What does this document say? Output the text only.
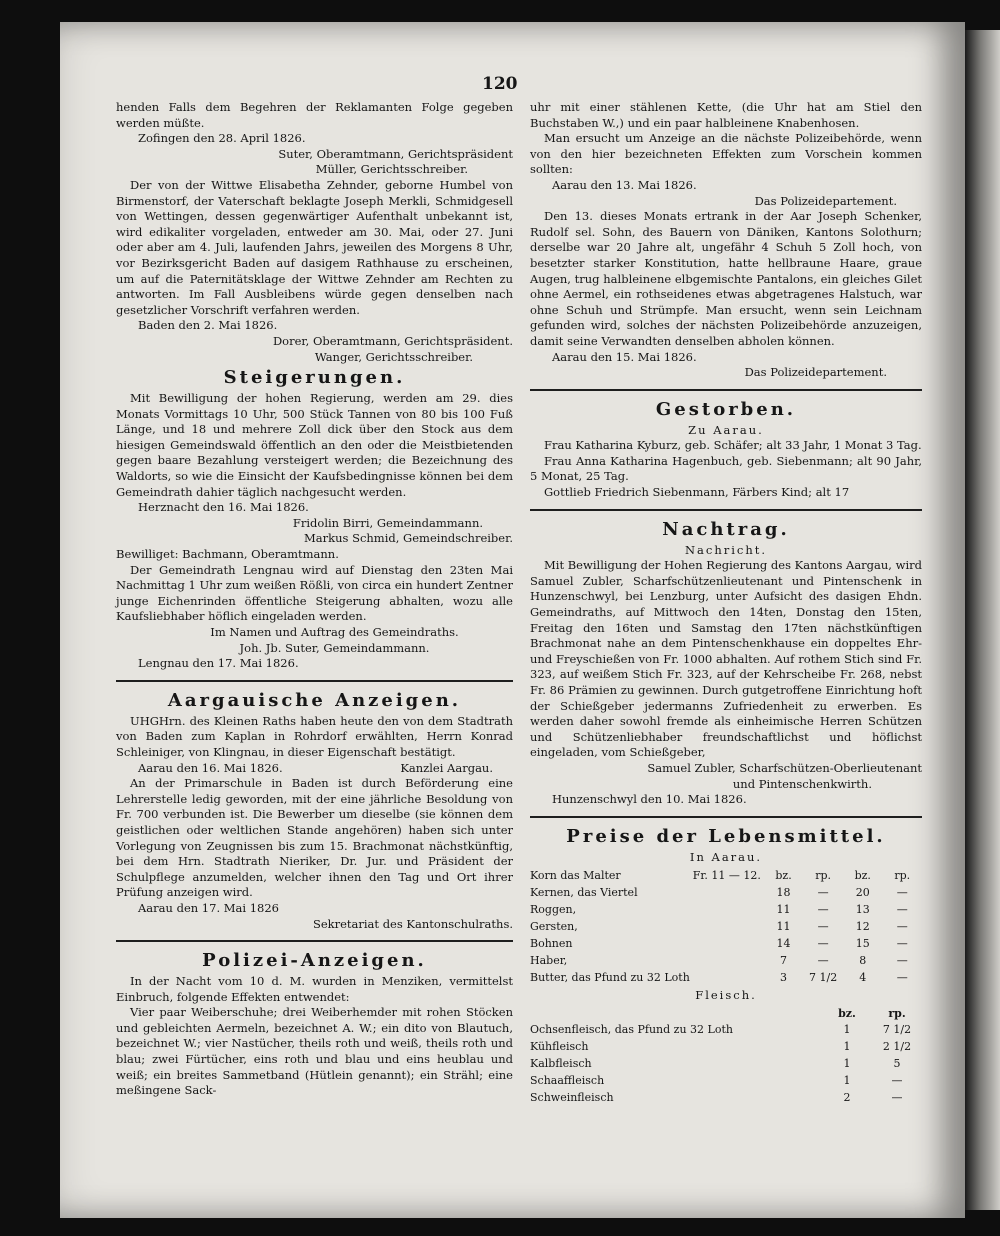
120

henden Falls dem Begehren der Reklamanten Folge gegeben werden müßte.

Zofingen den 28. April 1826.

Suter, Oberamtmann, Gerichtspräsident

Müller, Gerichtsschreiber.

Der von der Wittwe Elisabetha Zehnder, geborne Humbel von Birmenstorf, der Vaterschaft beklagte Joseph Merkli, Schmidgesell von Wettingen, dessen gegenwärtiger Aufenthalt unbekannt ist, wird edikaliter vorgeladen, entweder am 30. Mai, oder 27. Juni oder aber am 4. Juli, laufenden Jahrs, jeweilen des Morgens 8 Uhr, vor Bezirksgericht Baden auf dasigem Rathhause zu erscheinen, um auf die Paternitätsklage der Wittwe Zehnder am Rechten zu antworten. Im Fall Ausbleibens würde gegen denselben nach gesetzlicher Vorschrift verfahren werden.

Baden den 2. Mai 1826.

Dorer, Oberamtmann, Gerichtspräsident.

Wanger, Gerichtsschreiber.

Steigerungen.

Mit Bewilligung der hohen Regierung, werden am 29. dies Monats Vormittags 10 Uhr, 500 Stück Tannen von 80 bis 100 Fuß Länge, und 18 und mehrere Zoll dick über den Stock aus dem hiesigen Gemeindswald öffentlich an den oder die Meistbietenden gegen baare Bezahlung versteigert werden; die Bezeichnung des Waldorts, so wie die Einsicht der Kaufsbedingnisse können bei dem Gemeindrath dahier täglich nachgesucht werden.

Herznacht den 16. Mai 1826.

Fridolin Birri, Gemeindammann.

Markus Schmid, Gemeindschreiber.

Bewilliget: Bachmann, Oberamtmann.

Der Gemeindrath Lengnau wird auf Dienstag den 23ten Mai Nachmittag 1 Uhr zum weißen Rößli, von circa ein hundert Zentner junge Eichenrinden öffentliche Steigerung abhalten, wozu alle Kaufsliebhaber höflich eingeladen werden.

Im Namen und Auftrag des Gemeindraths.

Joh. Jb. Suter, Gemeindammann.

Lengnau den 17. Mai 1826.

Aargauische Anzeigen.

UHGHrn. des Kleinen Raths haben heute den von dem Stadtrath von Baden zum Kaplan in Rohrdorf erwählten, Herrn Konrad Schleiniger, von Klingnau, in dieser Eigenschaft bestätigt.

Aarau den 16. Mai 1826.	Kanzlei Aargau.

An der Primarschule in Baden ist durch Beförderung eine Lehrerstelle ledig geworden, mit der eine jährliche Besoldung von Fr. 700 verbunden ist. Die Bewerber um dieselbe (sie können dem geistlichen oder weltlichen Stande angehören) haben sich unter Vorlegung von Zeugnissen bis zum 15. Brachmonat nächstkünftig, bei dem Hrn. Stadtrath Nieriker, Dr. Jur. und Präsident der Schulpflege anzumelden, welcher ihnen den Tag und Ort ihrer Prüfung anzeigen wird.

Aarau den 17. Mai 1826

Sekretariat des Kantonschulraths.

Polizei-Anzeigen.

In der Nacht vom 10 d. M. wurden in Menziken, vermittelst Einbruch, folgende Effekten entwendet:

Vier paar Weiberschuhe; drei Weiberhemder mit rohen Stöcken und gebleichten Aermeln, bezeichnet A. W.; ein dito von Blautuch, bezeichnet W.; vier Nastücher, theils roth und weiß, theils roth und blau; zwei Fürtücher, eins roth und blau und eins heublau und weiß; ein breites Sammetband (Hütlein genannt); ein Strähl; eine meßingene Sack-

uhr mit einer stählenen Kette, (die Uhr hat am Stiel den Buchstaben W.,) und ein paar halbleinene Knabenhosen.

Man ersucht um Anzeige an die nächste Polizeibehörde, wenn von den hier bezeichneten Effekten zum Vorschein kommen sollten:

Aarau den 13. Mai 1826.

Das Polizeidepartement.

Den 13. dieses Monats ertrank in der Aar Joseph Schenker, Rudolf sel. Sohn, des Bauern von Däniken, Kantons Solothurn; derselbe war 20 Jahre alt, ungefähr 4 Schuh 5 Zoll hoch, von besetzter starker Konstitution, hatte hellbraune Haare, graue Augen, trug halbleinene elbgemischte Pantalons, ein gleiches Gilet ohne Aermel, ein rothseidenes etwas abgetragenes Halstuch, war ohne Schuh und Strümpfe. Man ersucht, wenn sein Leichnam gefunden wird, solches der nächsten Polizeibehörde anzuzeigen, damit seine Verwandten denselben abholen können.

Aarau den 15. Mai 1826.

Das Polizeidepartement.

Gestorben.

Zu Aarau.

Frau Katharina Kyburz, geb. Schäfer; alt 33 Jahr, 1 Monat 3 Tag.

Frau Anna Katharina Hagenbuch, geb. Siebenmann; alt 90 Jahr, 5 Monat, 25 Tag.

Gottlieb Friedrich Siebenmann, Färbers Kind; alt 17

Nachtrag.

Nachricht.

Mit Bewilligung der Hohen Regierung des Kantons Aargau, wird Samuel Zubler, Scharfschützenlieutenant und Pintenschenk in Hunzenschwyl, bei Lenzburg, unter Aufsicht des dasigen Ehdn. Gemeindraths, auf Mittwoch den 14ten, Donstag den 15ten, Freitag den 16ten und Samstag den 17ten nächstkünftigen Brachmonat nahe an dem Pintenschenkhause ein doppeltes Ehr- und Freyschießen von Fr. 1000 abhalten. Auf rothem Stich sind Fr. 323, auf weißem Stich Fr. 323, auf der Kehrscheibe Fr. 268, nebst Fr. 86 Prämien zu gewinnen. Durch gutgetroffene Einrichtung hoft der Schießgeber jedermanns Zufriedenheit zu erwerben. Es werden daher sowohl fremde als einheimische Herren Schützen und Schützenliebhaber freundschaftlichst und höflichst eingeladen, vom Schießgeber,

Samuel Zubler, Scharfschützen-Oberlieutenant

und Pintenschenkwirth.

Hunzenschwyl den 10. Mai 1826.

Preise der Lebensmittel.

In Aarau.

Korn das Malter	Fr. 11 — 12.	bz.	rp.	bz.	rp.
Kernen, das Viertel		18	—	20	—
Roggen,		11	—	13	—
Gersten,		11	—	12	—
Bohnen		14	—	15	—
Haber,		7	—	8	—
Butter, das Pfund zu 32 Loth		3	7 1/2	4	—

Fleisch.

	bz.	rp.
Ochsenfleisch, das Pfund zu 32 Loth	1	7 1/2
Kühfleisch	1	2 1/2
Kalbfleisch	1	5
Schaaffleisch	1	—
Schweinfleisch	2	—
